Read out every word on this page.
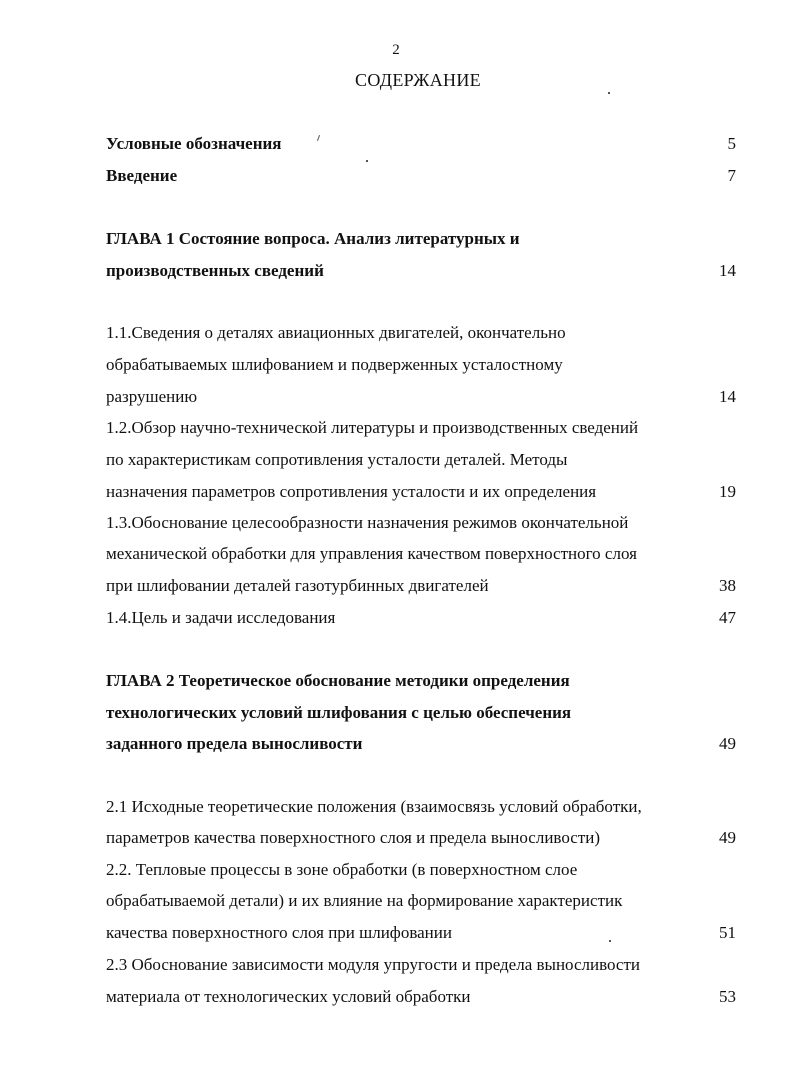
2
СОДЕРЖАНИЕ
Условные обозначения	5
Введение	7
ГЛАВА 1 Состояние вопроса. Анализ литературных и
производственных сведений	14
1.1.Сведения о деталях авиационных двигателей, окончательно
обрабатываемых шлифованием и подверженных усталостному
разрушению	14
1.2.Обзор научно-технической литературы и производственных сведений
по характеристикам сопротивления усталости деталей. Методы
назначения параметров сопротивления усталости и их определения	19
1.3.Обоснование целесообразности назначения режимов окончательной
механической обработки для управления качеством поверхностного слоя
при шлифовании деталей газотурбинных двигателей	38
1.4.Цель и задачи исследования	47
ГЛАВА 2 Теоретическое обоснование методики определения
технологических условий шлифования с целью обеспечения
заданного предела выносливости	49
2.1 Исходные теоретические положения (взаимосвязь условий обработки,
параметров качества поверхностного слоя и предела выносливости)	49
2.2. Тепловые процессы в зоне обработки (в поверхностном слое
обрабатываемой детали) и их влияние на формирование характеристик
качества поверхностного слоя при шлифовании	51
2.3 Обоснование зависимости модуля упругости и предела выносливости
материала от технологических условий обработки	53
